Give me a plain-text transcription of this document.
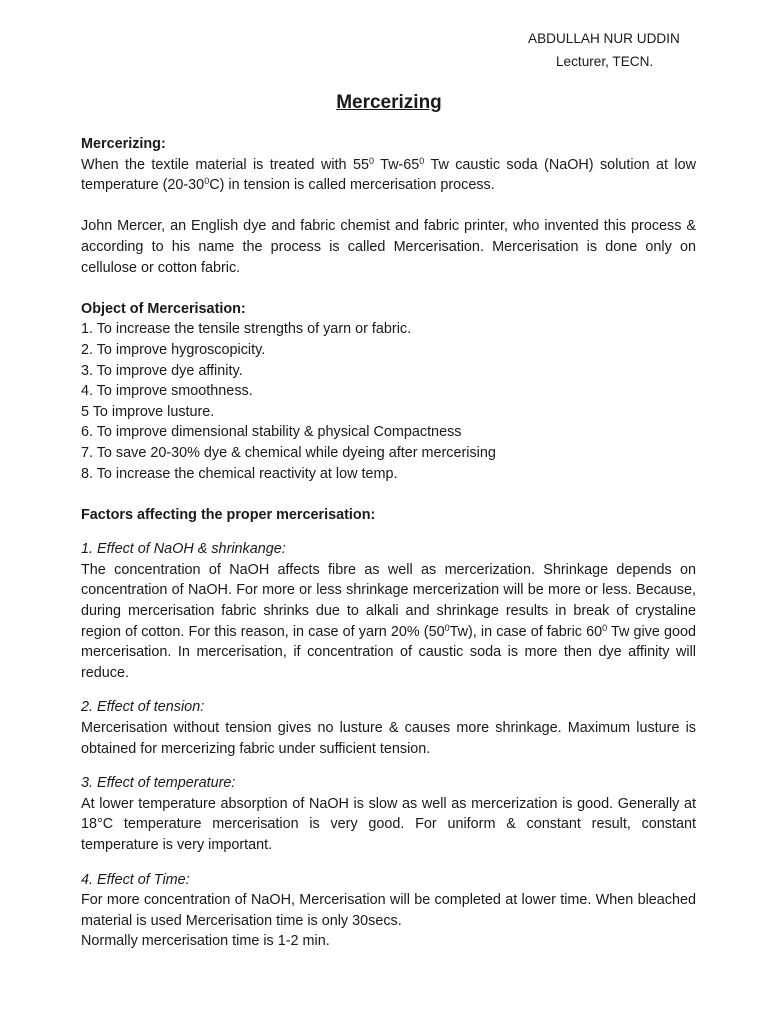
ABDULLAH NUR UDDIN
Lecturer, TECN.
Mercerizing

Mercerizing:

When the textile material is treated with $55^0$ $Tw-65^0$ Tw caustic soda (NaOH) solution at low temperature $(20-30^0C)$ in tension is called mercerisation process.

John Mercer, an English dye and fabric chemist and fabric printer, who invented this process & according to his name the process is called Mercerisation. Mercerisation is done only on cellulose or cotton fabric.

Object of Mercerisation:

1. To increase the tensile strengths of yarn or fabric.

2. To improve hygroscopicity.

3. To improve dye affinity.

4. To improve smoothness.

5 To improve lusture.

6. To improve dimensional stability & physical Compactness

7. To save 20-30% dye & chemical while dyeing after mercerising

8. To increase the chemical reactivity at low temp.

Factors affecting the proper mercerisation:

1. Effect of NaOH & shrinkange:

The concentration of NaOH affects fibre as well as mercerization. Shrinkage depends on concentration of NaOH. For more or less shrinkage mercerization will be more or less. Because, during mercerisation fabric shrinks due to alkali and shrinkage results in break of crystaline region of cotton. For this reason, in case of yarn 20% $(50^0Tw)$, in case of fabric $60^0$ Tw give good mercerisation. In mercerisation, if concentration of caustic soda is more then dye affinity will reduce.

2. Effect of tension:

Mercerisation without tension gives no lusture & causes more shrinkage. Maximum lusture is obtained for mercerizing fabric under sufficient tension.

3. Effect of temperature:

At lower temperature absorption of NaOH is slow as well as mercerization is good. Generally at 18°C temperature mercerisation is very good. For uniform & constant result, constant temperature is very important.

4. Effect of Time:

For more concentration of NaOH, Mercerisation will be completed at lower time. When bleached material is used Mercerisation time is only 30secs.

Normally mercerisation time is 1-2 min.
